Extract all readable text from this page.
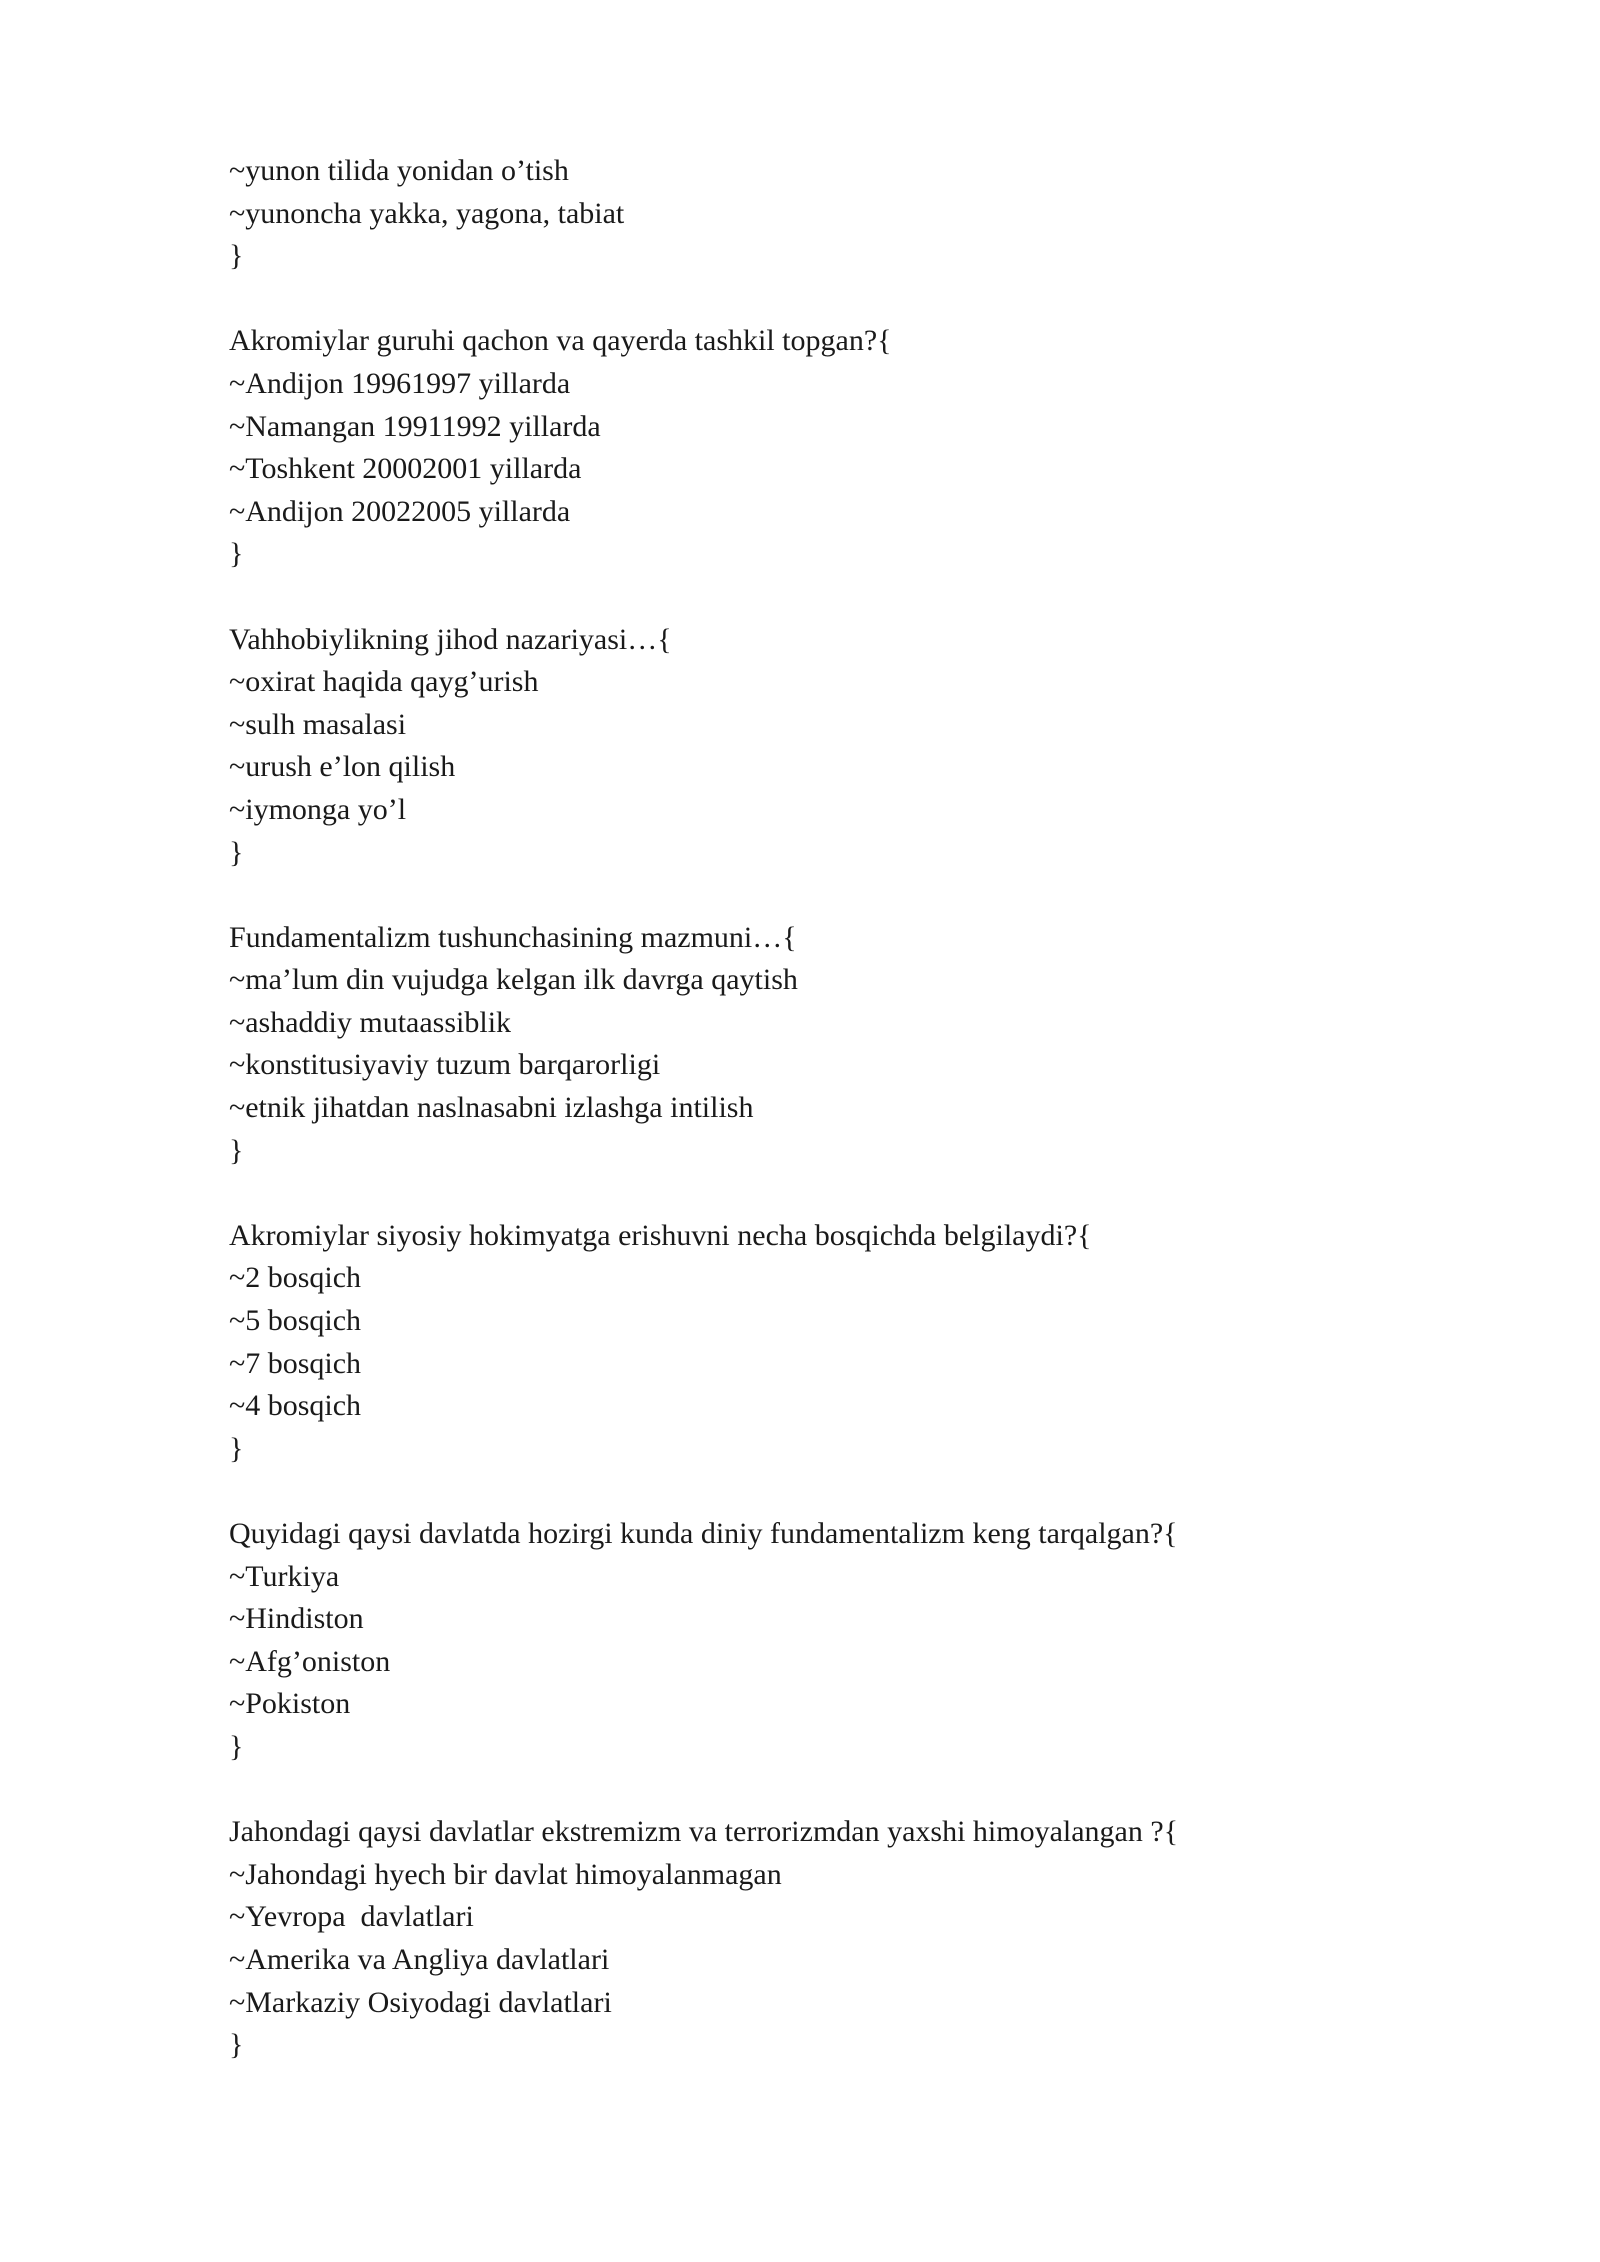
~yunon tilida yonidan o’tish
~yunoncha yakka, yagona, tabiat
}
Akromiylar guruhi qachon va qayerda tashkil topgan?{
~Andijon 19961997 yillarda
~Namangan 19911992 yillarda
~Toshkent 20002001 yillarda
~Andijon 20022005 yillarda
}
Vahhobiylikning jihod nazariyasi…{
~oxirat haqida qayg’urish
~sulh masalasi
~urush e’lon qilish
~iymonga yo’l
}
Fundamentalizm tushunchasining mazmuni…{
~ma’lum din vujudga kelgan ilk davrga qaytish
~ashaddiy mutaassiblik
~konstitusiyaviy tuzum barqarorligi
~etnik jihatdan naslnasabni izlashga intilish
}
Akromiylar siyosiy hokimyatga erishuvni necha bosqichda belgilaydi?{
~2 bosqich
~5 bosqich
~7 bosqich
~4 bosqich
}
Quyidagi qaysi davlatda hozirgi kunda diniy fundamentalizm keng tarqalgan?{
~Turkiya
~Hindiston
~Afg’oniston
~Pokiston
}
Jahondagi qaysi davlatlar ekstremizm va terrorizmdan yaxshi himoyalangan ?{
~Jahondagi hyech bir davlat himoyalanmagan
~Yevropa  davlatlari
~Amerika va Angliya davlatlari
~Markaziy Osiyodagi davlatlari
}
